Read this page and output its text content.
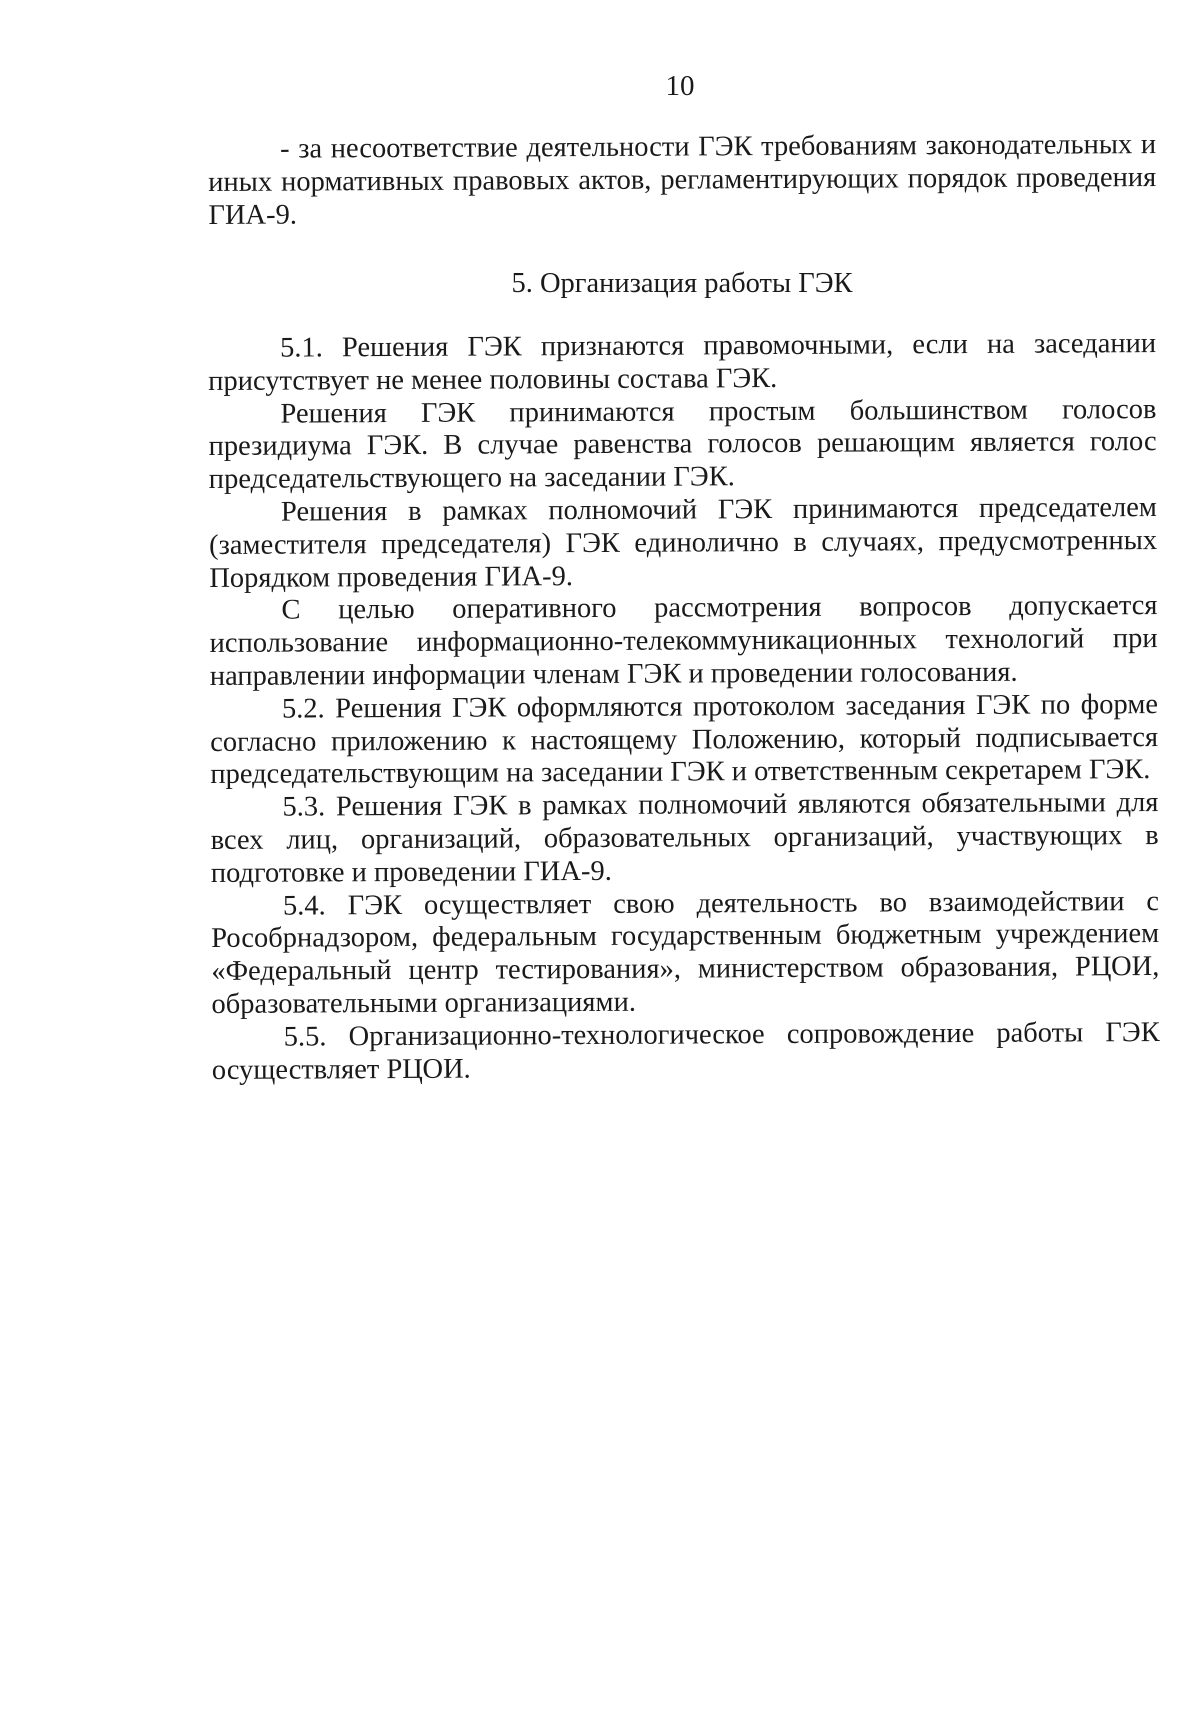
10

- за несоответствие деятельности ГЭК требованиям законодательных и иных нормативных правовых актов, регламентирующих порядок проведения ГИА-9.

5. Организация работы ГЭК

5.1. Решения ГЭК признаются правомочными, если на заседании присутствует не менее половины состава ГЭК.

Решения ГЭК принимаются простым большинством голосов президиума ГЭК. В случае равенства голосов решающим является голос председательствующего на заседании ГЭК.

Решения в рамках полномочий ГЭК принимаются председателем (заместителя председателя) ГЭК единолично в случаях, предусмотренных Порядком проведения ГИА-9.

С целью оперативного рассмотрения вопросов допускается использование информационно-телекоммуникационных технологий при направлении информации членам ГЭК и проведении голосования.

5.2. Решения ГЭК оформляются протоколом заседания ГЭК по форме согласно приложению к настоящему Положению, который подписывается председательствующим на заседании ГЭК и ответственным секретарем ГЭК.

5.3. Решения ГЭК в рамках полномочий являются обязательными для всех лиц, организаций, образовательных организаций, участвующих в подготовке и проведении ГИА-9.

5.4. ГЭК осуществляет свою деятельность во взаимодействии с Рособрнадзором, федеральным государственным бюджетным учреждением «Федеральный центр тестирования», министерством образования, РЦОИ, образовательными организациями.

5.5. Организационно-технологическое сопровождение работы ГЭК осуществляет РЦОИ.
